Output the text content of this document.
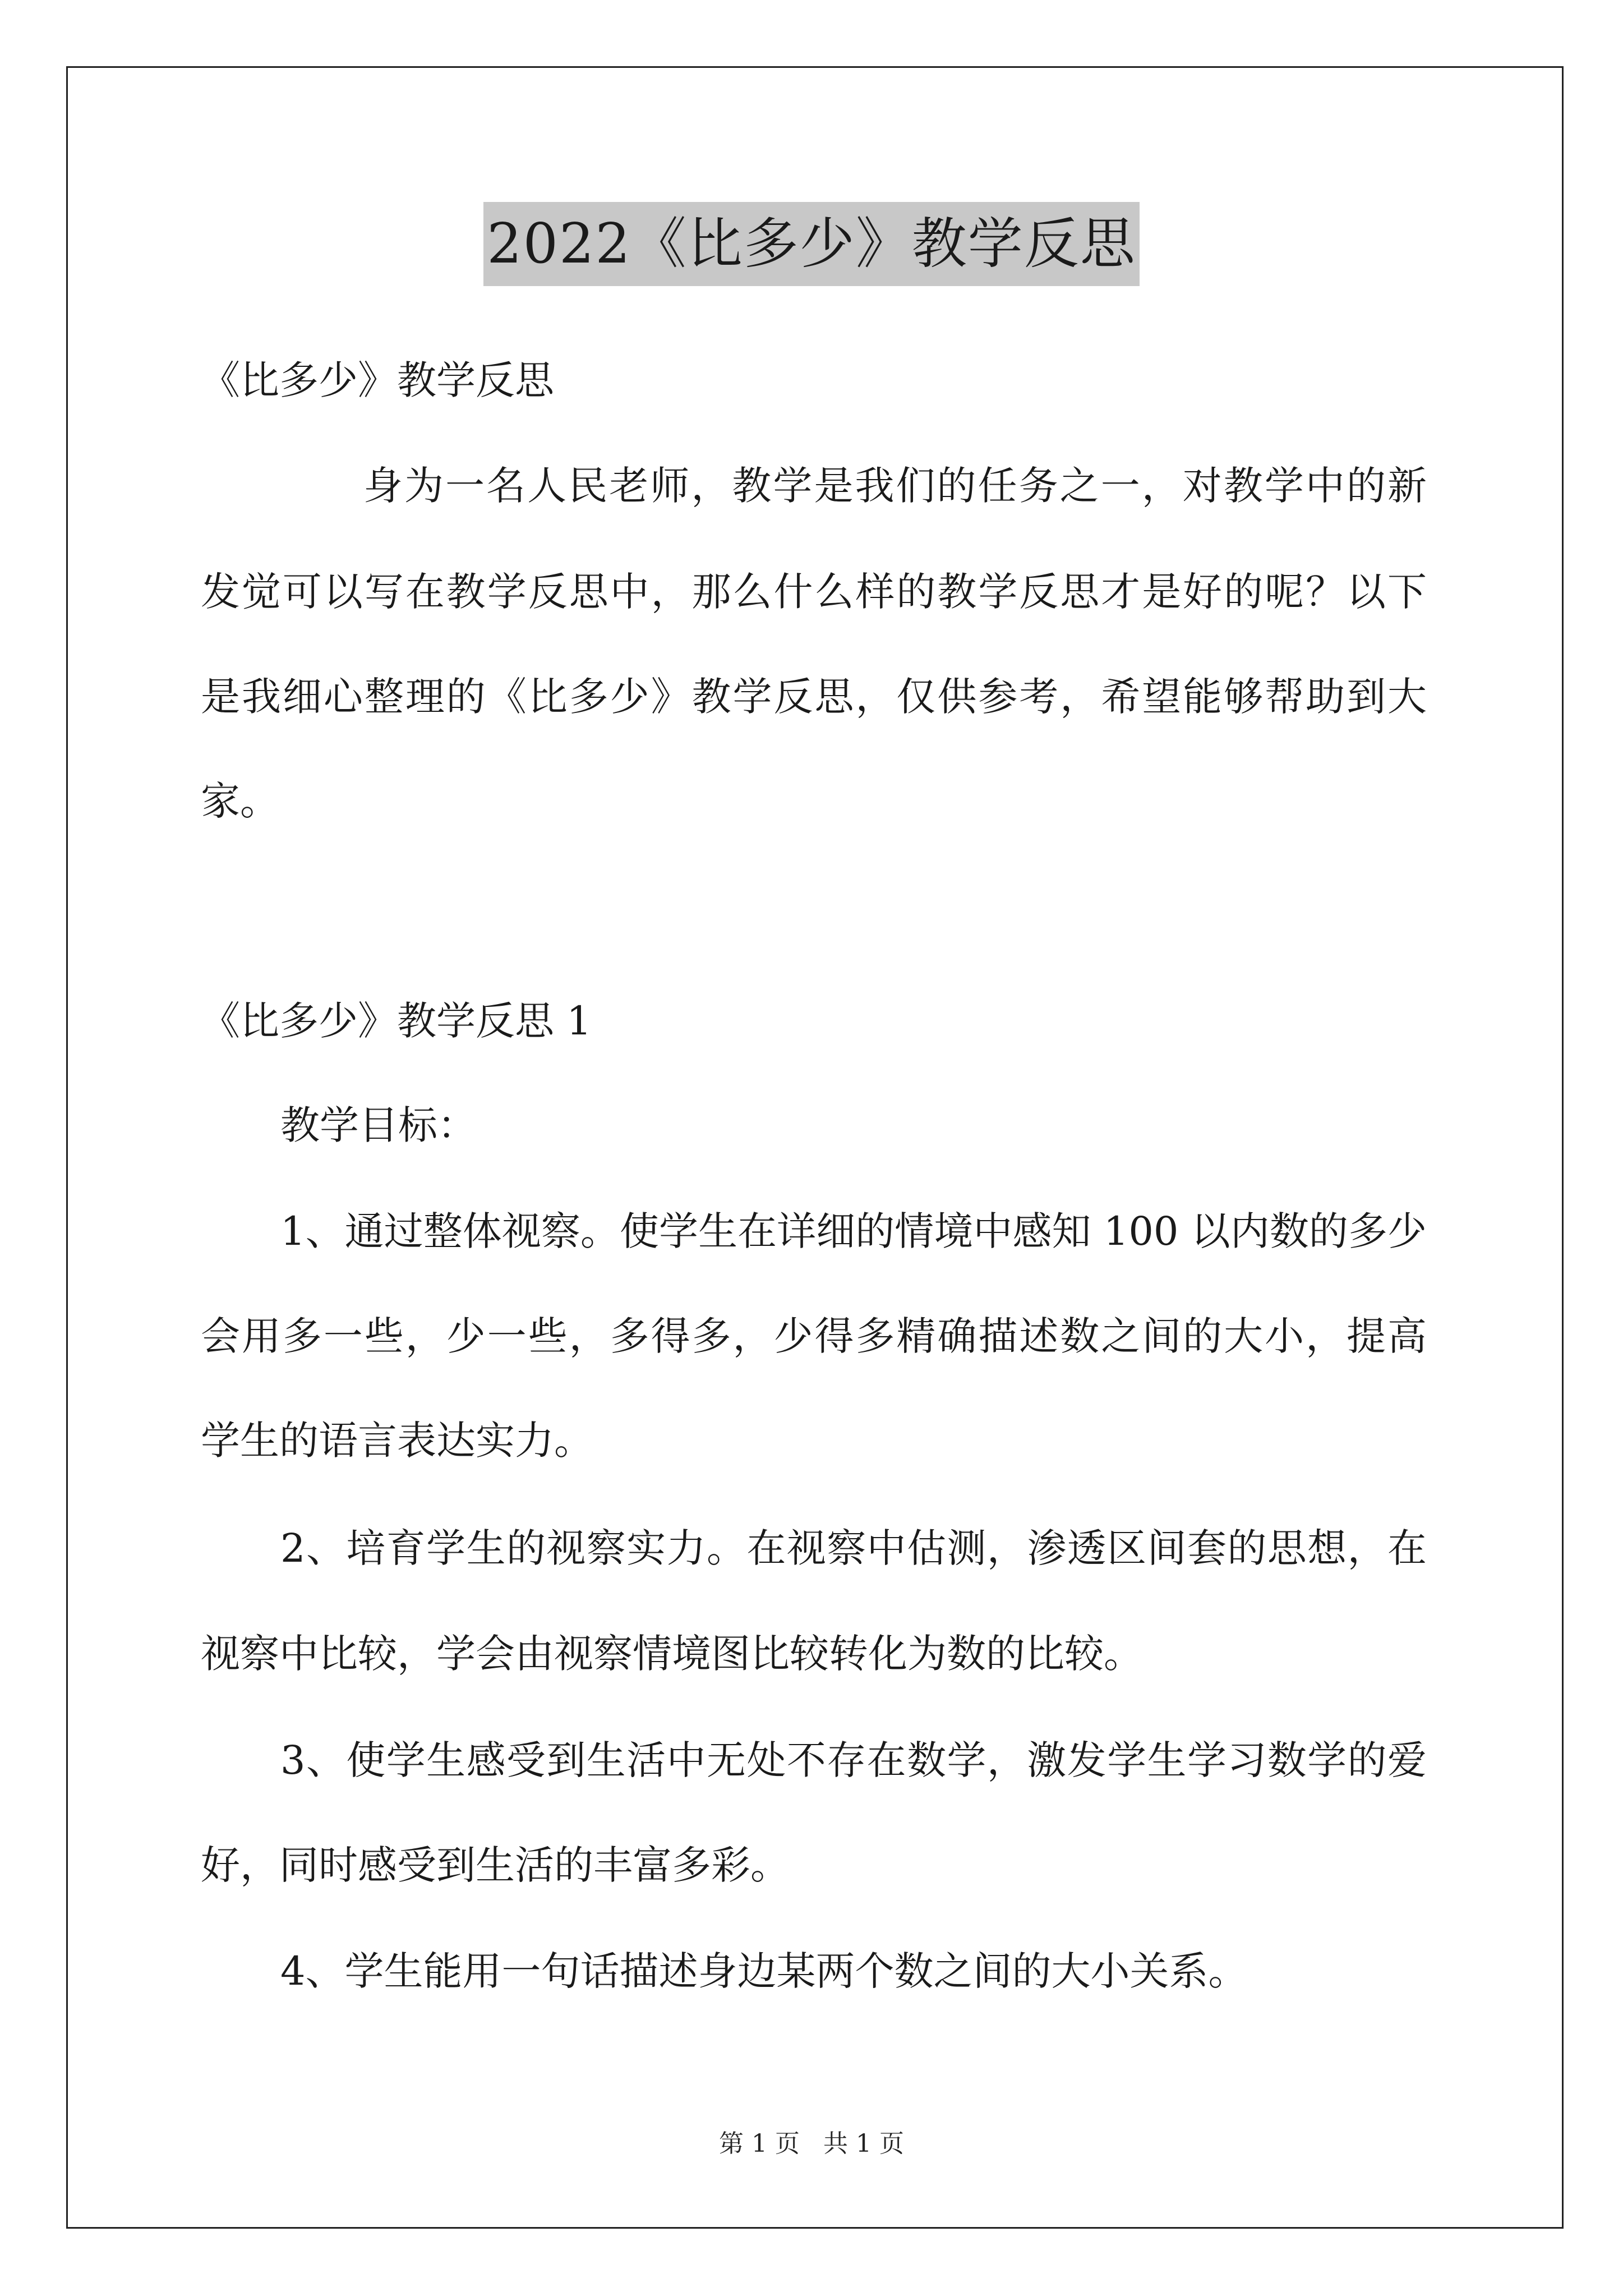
2022《比多少》教学反思
《比多少》教学反思
身为一名人民老师，教学是我们的任务之一，对教学中的新
发觉可以写在教学反思中，那么什么样的教学反思才是好的呢？以下
是我细心整理的《比多少》教学反思，仅供参考，希望能够帮助到大
家。
《比多少》教学反思 1
教学目标：
1、通过整体视察。使学生在详细的情境中感知 100 以内数的多少
会用多一些，少一些，多得多，少得多精确描述数之间的大小，提高
学生的语言表达实力。
2、培育学生的视察实力。在视察中估测，渗透区间套的思想，在
视察中比较，学会由视察情境图比较转化为数的比较。
3、使学生感受到生活中无处不存在数学，激发学生学习数学的爱
好，同时感受到生活的丰富多彩。
4、学生能用一句话描述身边某两个数之间的大小关系。
第 1 页 共 1 页
